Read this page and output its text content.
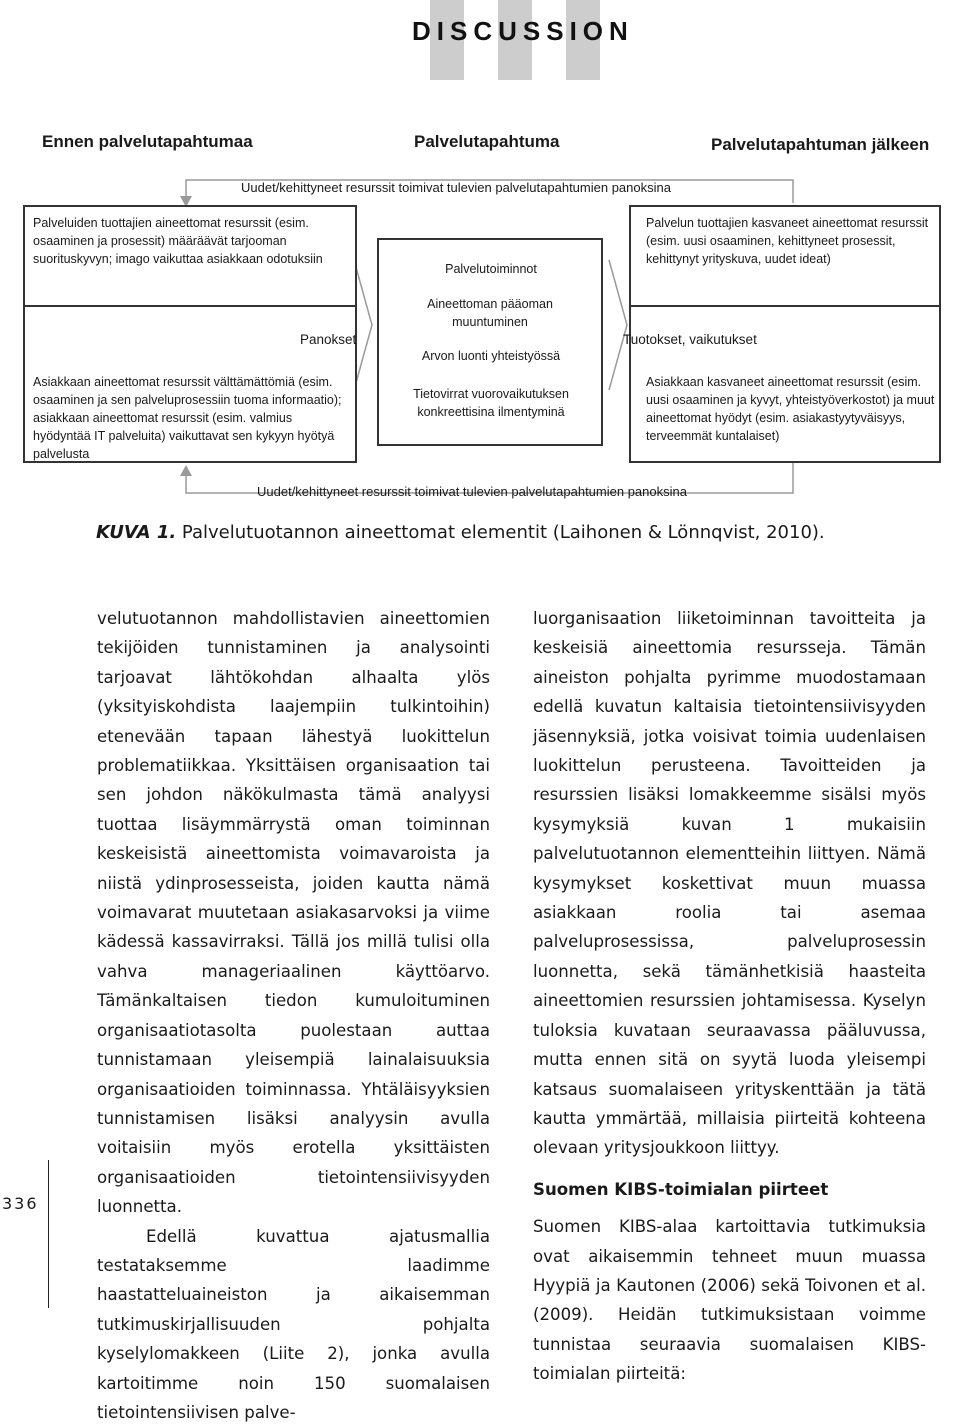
DISCUSSION
Ennen palvelutapahtumaa	Palvelutapahtuma	Palvelutapahtuman jälkeen
Uudet/kehittyneet resurssit toimivat tulevien palvelutapahtumien panoksina
Uudet/kehittyneet resurssit toimivat tulevien palvelutapahtumien panoksina
Palveluiden tuottajien aineettomat resurssit (esim. osaaminen ja prosessit) määräävät tarjooman suorituskyvyn; imago vaikuttaa asiakkaan odotuksiin
Panokset
Asiakkaan aineettomat resurssit välttämättömiä (esim. osaaminen ja sen palveluprosessiin tuoma informaatio); asiakkaan aineettomat resurssit (esim. valmius hyödyntää IT palveluita) vaikuttavat sen kykyyn hyötyä palvelusta
Palvelutoiminnot
Aineettoman pääoman muuntuminen
Arvon luonti yhteistyössä
Tietovirrat vuorovaikutuksen konkreettisina ilmentyminä
Palvelun tuottajien kasvaneet aineettomat resurssit (esim. uusi osaaminen, kehittyneet prosessit, kehittynyt yrityskuva, uudet ideat)
Tuotokset, vaikutukset
Asiakkaan kasvaneet aineettomat resurssit (esim. uusi osaaminen ja kyvyt, yhteistyöverkostot) ja muut aineettomat hyödyt (esim. asiakastyytyväisyys, terveemmät kuntalaiset)
KUVA 1. Palvelutuotannon aineettomat elementit (Laihonen & Lönnqvist, 2010).

velutuotannon mahdollistavien aineettomien tekijöiden tunnistaminen ja analysointi tarjoavat lähtökohdan alhaalta ylös (yksityiskohdista laajempiin tulkintoihin) etenevään tapaan lähestyä luokittelun problematiikkaa. Yksittäisen organisaation tai sen johdon näkökulmasta tämä analyysi tuottaa lisäymmärrystä oman toiminnan keskeisistä aineettomista voimavaroista ja niistä ydinprosesseista, joiden kautta nämä voimavarat muutetaan asiakasarvoksi ja viime kädessä kassavirraksi. Tällä jos millä tulisi olla vahva manageriaalinen käyttöarvo. Tämänkaltaisen tiedon kumuloituminen organisaatiotasolta puolestaan auttaa tunnistamaan yleisempiä lainalaisuuksia organisaatioiden toiminnassa. Yhtäläisyyksien tunnistamisen lisäksi analyysin avulla voitaisiin myös erotella yksittäisten organisaatioiden tietointensiivisyyden luonnetta.

Edellä kuvattua ajatusmallia testataksemme laadimme haastatteluaineiston ja aikaisemman tutkimuskirjallisuuden pohjalta kyselylomakkeen (Liite 2), jonka avulla kartoitimme noin 150 suomalaisen tietointensiivisen palve-

luorganisaation liiketoiminnan tavoitteita ja keskeisiä aineettomia resursseja. Tämän aineiston pohjalta pyrimme muodostamaan edellä kuvatun kaltaisia tietointensiivisyyden jäsennyksiä, jotka voisivat toimia uudenlaisen luokittelun perusteena. Tavoitteiden ja resurssien lisäksi lomakkeemme sisälsi myös kysymyksiä kuvan 1 mukaisiin palvelutuotannon elementteihin liittyen. Nämä kysymykset koskettivat muun muassa asiakkaan roolia tai asemaa palveluprosessissa, palveluprosessin luonnetta, sekä tämänhetkisiä haasteita aineettomien resurssien johtamisessa. Kyselyn tuloksia kuvataan seuraavassa pääluvussa, mutta ennen sitä on syytä luoda yleisempi katsaus suomalaiseen yrityskenttään ja tätä kautta ymmärtää, millaisia piirteitä kohteena olevaan yritysjoukkoon liittyy.

Suomen KIBS-toimialan piirteet

Suomen KIBS-alaa kartoittavia tutkimuksia ovat aikaisemmin tehneet muun muassa Hyypiä ja Kautonen (2006) sekä Toivonen et al. (2009). Heidän tutkimuksistaan voimme tunnistaa seuraavia suomalaisen KIBS-toimialan piirteitä:

336
